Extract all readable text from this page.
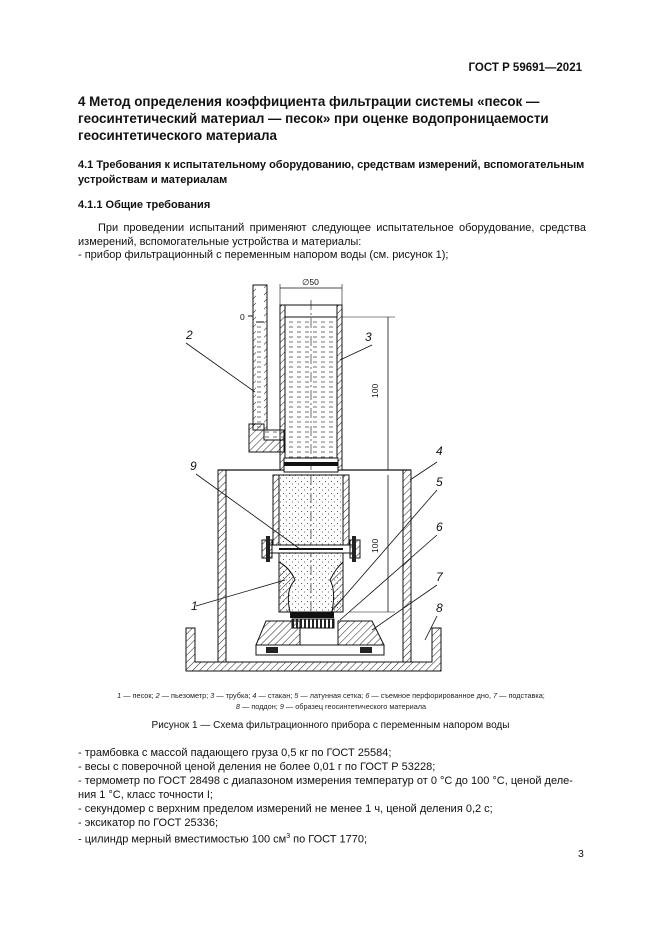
ГОСТ Р 59691—2021
4 Метод определения коэффициента фильтрации системы «песок — геосинтетический материал — песок» при оценке водопроницаемости геосинтетического материала
4.1 Требования к испытательному оборудованию, средствам измерений, вспомогательным устройствам и материалам
4.1.1 Общие требования
При проведении испытаний применяют следующее испытательное оборудование, средства измерений, вспомогательные устройства и материалы:
- прибор фильтрационный с переменным напором воды (см. рисунок 1);
1
2	3
4
5
6
7
8
9
∅50
0
100
100
1 — песок; 2 — пьезометр; 3 — трубка; 4 — стакан; 5 — латунная сетка; 6 — съемное перфорированное дно, 7 — подставка;
8 — поддон; 9 — образец геосинтетического материала
Рисунок 1 — Схема фильтрационного прибора с переменным напором воды
- трамбовка с массой падающего груза 0,5 кг по ГОСТ 25584;
- весы с поверочной ценой деления не более 0,01 г по ГОСТ Р 53228;
- термометр по ГОСТ 28498 с диапазоном измерения температур от 0 °С до 100 °С, ценой деле-
ния 1 °С, класс точности I;
- секундомер с верхним пределом измерений не менее 1 ч, ценой деления 0,2 с;
- эксикатор по ГОСТ 25336;
- цилиндр мерный вместимостью 100 $см^3$ по ГОСТ 1770;
3
